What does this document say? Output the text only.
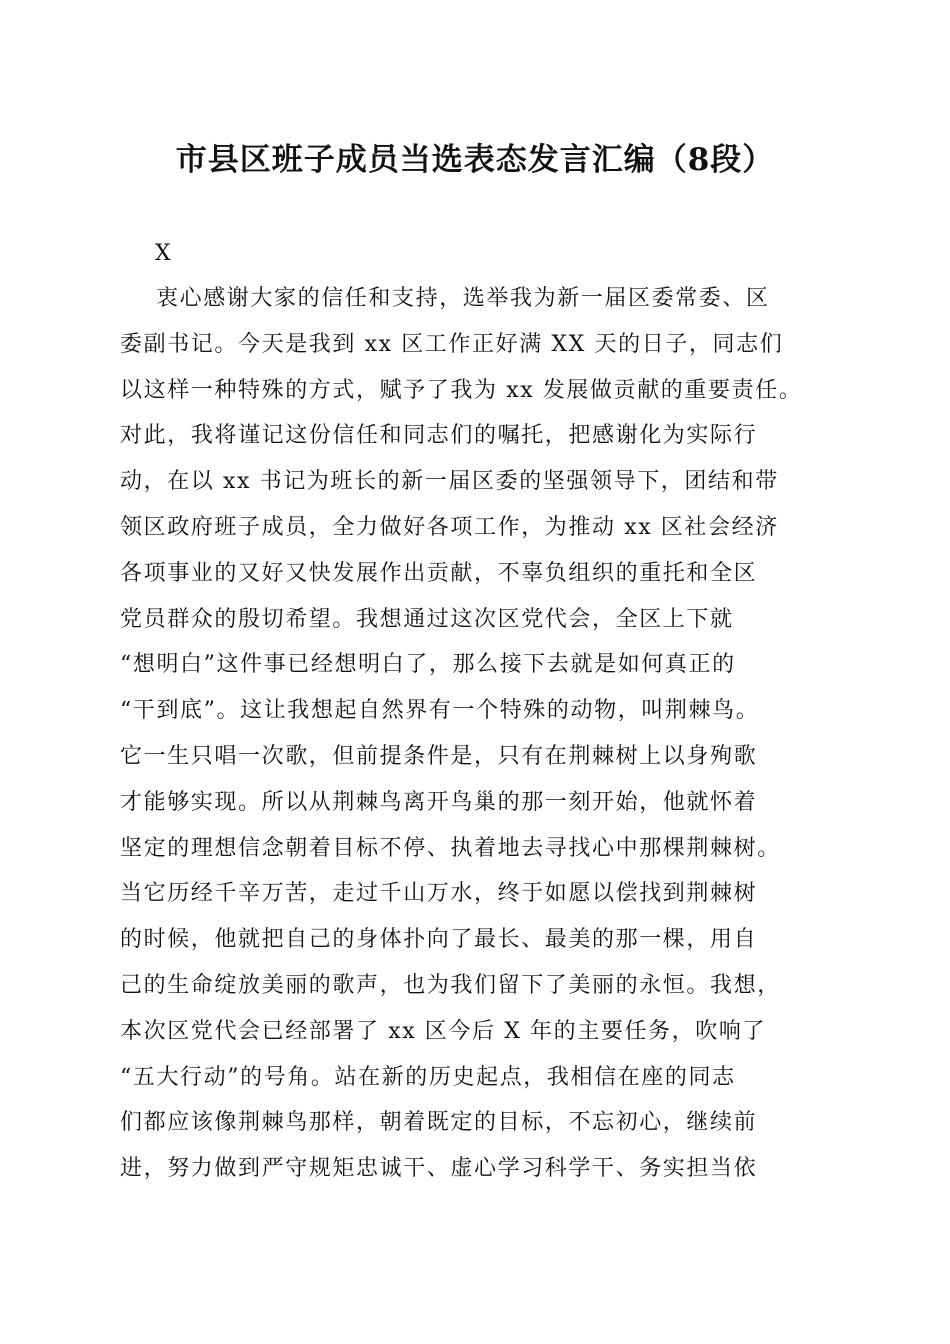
市县区班子成员当选表态发言汇编（8段）

X

衷心感谢大家的信任和支持，选举我为新一届区委常委、区
委副书记。今天是我到 xx 区工作正好满 XX 天的日子，同志们
以这样一种特殊的方式，赋予了我为 xx 发展做贡献的重要责任。
对此，我将谨记这份信任和同志们的嘱托，把感谢化为实际行
动，在以 xx 书记为班长的新一届区委的坚强领导下，团结和带
领区政府班子成员，全力做好各项工作，为推动 xx 区社会经济
各项事业的又好又快发展作出贡献，不辜负组织的重托和全区
党员群众的殷切希望。我想通过这次区党代会，全区上下就
“想明白”这件事已经想明白了，那么接下去就是如何真正的
“干到底”。这让我想起自然界有一个特殊的动物，叫荆棘鸟。
它一生只唱一次歌，但前提条件是，只有在荆棘树上以身殉歌
才能够实现。所以从荆棘鸟离开鸟巢的那一刻开始，他就怀着
坚定的理想信念朝着目标不停、执着地去寻找心中那棵荆棘树。
当它历经千辛万苦，走过千山万水，终于如愿以偿找到荆棘树
的时候，他就把自己的身体扑向了最长、最美的那一棵，用自
己的生命绽放美丽的歌声，也为我们留下了美丽的永恒。我想，
本次区党代会已经部署了 xx 区今后 X 年的主要任务，吹响了
“五大行动”的号角。站在新的历史起点，我相信在座的同志
们都应该像荆棘鸟那样，朝着既定的目标，不忘初心，继续前
进，努力做到严守规矩忠诚干、虚心学习科学干、务实担当依
